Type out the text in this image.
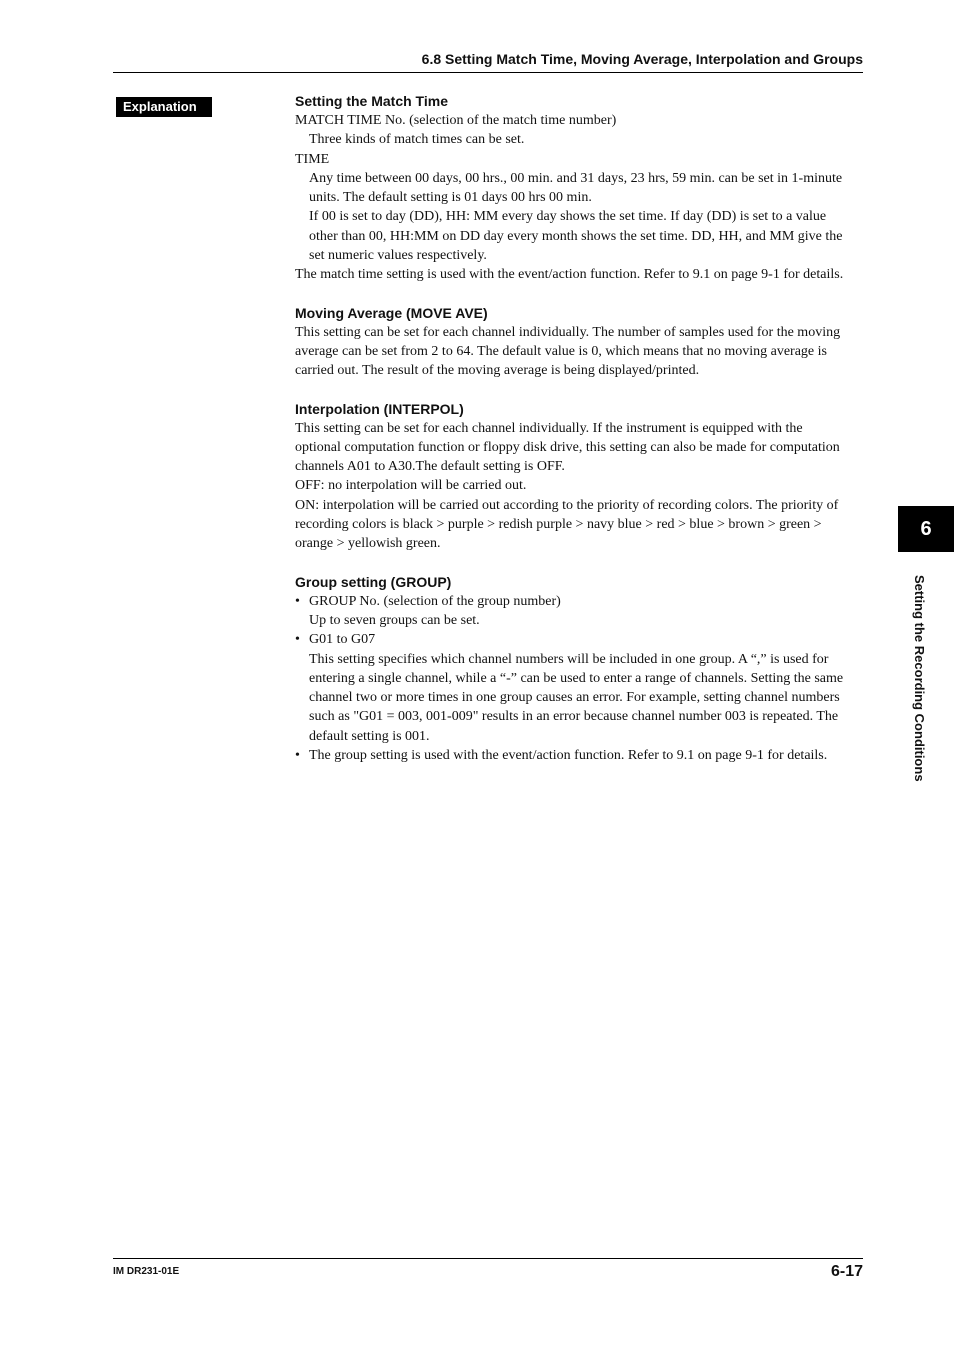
6.8 Setting Match Time, Moving Average, Interpolation and Groups
Explanation	Setting the Match Time
MATCH TIME No. (selection of the match time number)
Three kinds of match times can be set.
TIME
Any time between 00 days, 00 hrs., 00 min. and 31 days, 23 hrs, 59 min. can be set in 1-minute
units. The default setting is 01 days 00 hrs 00 min.
If 00 is set to day (DD), HH: MM every day shows the set time. If day (DD) is set to a value
other than 00, HH:MM on DD day every month shows the set time. DD, HH, and MM give the
set numeric values respectively.
The match time setting is used with the event/action function. Refer to 9.1 on page 9-1 for details.
Moving Average (MOVE AVE)
This setting can be set for each channel individually. The number of samples used for the moving
average can be set from 2 to 64. The default value is 0, which means that no moving average is
carried out. The result of the moving average is being displayed/printed.
Interpolation (INTERPOL)
This setting can be set for each channel individually. If the instrument is equipped with the
optional computation function or floppy disk drive, this setting can also be made for computation
channels A01 to A30.The default setting is OFF.
OFF: no interpolation will be carried out.
ON: interpolation will be carried out according to the priority of recording colors. The priority of
recording colors is black > purple > redish purple > navy blue > red > blue > brown > green >
orange > yellowish green.
Group setting (GROUP)
• GROUP No. (selection of the group number)
Up to seven groups can be set.
• G01 to G07
This setting specifies which channel numbers will be included in one group. A “,” is used for
entering a single channel, while a “-” can be used to enter a range of channels. Setting the same
channel two or more times in one group causes an error. For example, setting channel numbers
such as "G01 = 003, 001-009" results in an error because channel number 003 is repeated. The
default setting is 001.
• The group setting is used with the event/action function. Refer to 9.1 on page 9-1 for details.
6
Setting the Recording Conditions
IM DR231-01E	6-17
